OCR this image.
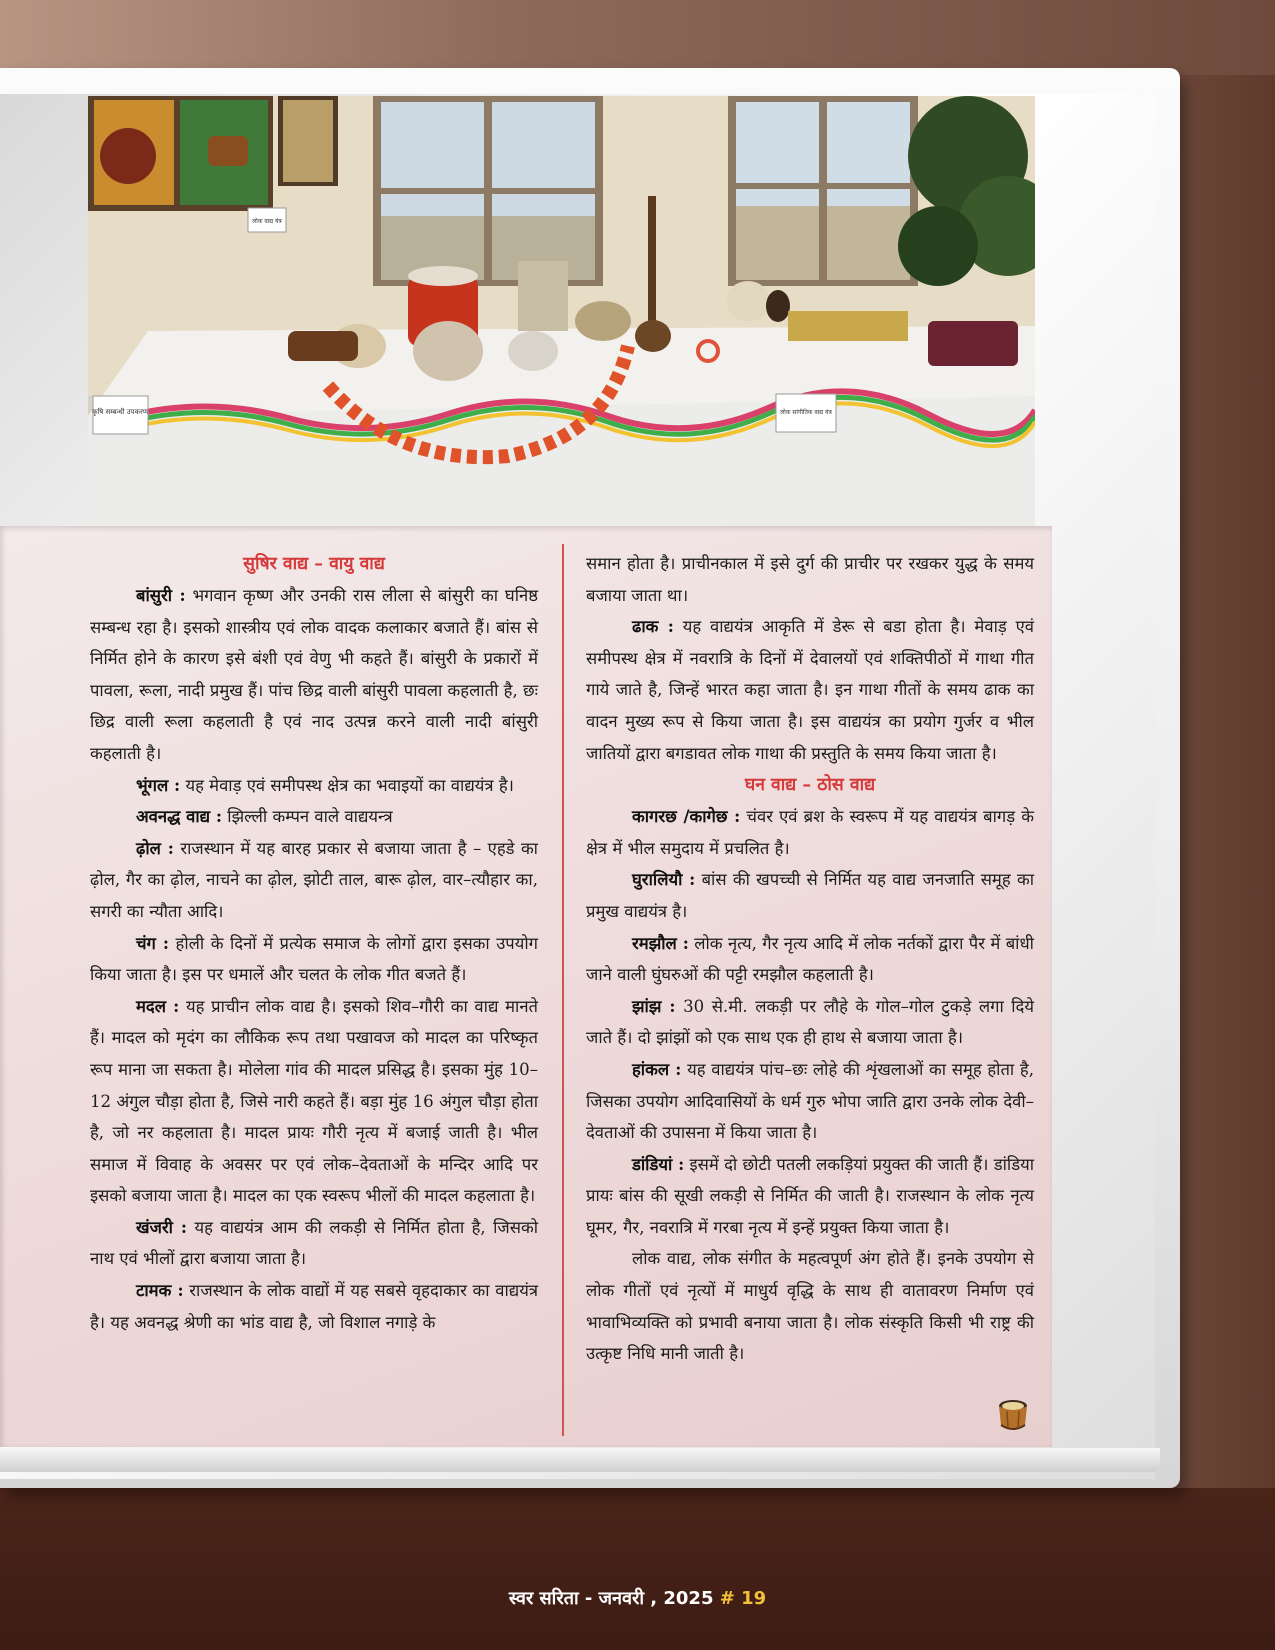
कृषि सम्बन्धी उपकरण
लोक वाद्य यंत्र
लोक सांगीतिक वाद्य यंत्र
सुषिर वाद्य – वायु वाद्य

बांसुरी : भगवान कृष्ण और उनकी रास लीला से बांसुरी का घनिष्ठ सम्बन्ध रहा है। इसको शास्त्रीय एवं लोक वादक कलाकार बजाते हैं। बांस से निर्मित होने के कारण इसे बंशी एवं वेणु भी कहते हैं। बांसुरी के प्रकारों में पावला, रूला, नादी प्रमुख हैं। पांच छिद्र वाली बांसुरी पावला कहलाती है, छः छिद्र वाली रूला कहलाती है एवं नाद उत्पन्न करने वाली नादी बांसुरी कहलाती है।

भूंगल : यह मेवाड़ एवं समीपस्थ क्षेत्र का भवाइयों का वाद्ययंत्र है।

अवनद्ध वाद्य : झिल्ली कम्पन वाले वाद्ययन्त्र

ढ़ोल : राजस्थान में यह बारह प्रकार से बजाया जाता है – एहडे का ढ़ोल, गैर का ढ़ोल, नाचने का ढ़ोल, झोटी ताल, बारू ढ़ोल, वार–त्यौहार का, सगरी का न्यौता आदि।

चंग : होली के दिनों में प्रत्येक समाज के लोगों द्वारा इसका उपयोग किया जाता है। इस पर धमालें और चलत के लोक गीत बजते हैं।

मदल : यह प्राचीन लोक वाद्य है। इसको शिव–गौरी का वाद्य मानते हैं। मादल को मृदंग का लौकिक रूप तथा पखावज को मादल का परिष्कृत रूप माना जा सकता है। मोलेला गांव की मादल प्रसिद्ध है। इसका मुंह 10–12 अंगुल चौड़ा होता है, जिसे नारी कहते हैं। बड़ा मुंह 16 अंगुल चौड़ा होता है, जो नर कहलाता है। मादल प्रायः गौरी नृत्य में बजाई जाती है। भील समाज में विवाह के अवसर पर एवं लोक–देवताओं के मन्दिर आदि पर इसको बजाया जाता है। मादल का एक स्वरूप भीलों की मादल कहलाता है।

खंजरी : यह वाद्ययंत्र आम की लकड़ी से निर्मित होता है, जिसको नाथ एवं भीलों द्वारा बजाया जाता है।

टामक : राजस्थान के लोक वाद्यों में यह सबसे वृहदाकार का वाद्ययंत्र है। यह अवनद्ध श्रेणी का भांड वाद्य है, जो विशाल नगाड़े के

समान होता है। प्राचीनकाल में इसे दुर्ग की प्राचीर पर रखकर युद्ध के समय बजाया जाता था।

ढाक : यह वाद्ययंत्र आकृति में डेरू से बडा होता है। मेवाड़ एवं समीपस्थ क्षेत्र में नवरात्रि के दिनों में देवालयों एवं शक्तिपीठों में गाथा गीत गाये जाते है, जिन्हें भारत कहा जाता है। इन गाथा गीतों के समय ढाक का वादन मुख्य रूप से किया जाता है। इस वाद्ययंत्र का प्रयोग गुर्जर व भील जातियों द्वारा बगडावत लोक गाथा की प्रस्तुति के समय किया जाता है।

घन वाद्य – ठोस वाद्य

कागरछ /कागेछ : चंवर एवं ब्रश के स्वरूप में यह वाद्ययंत्र बागड़ के क्षेत्र में भील समुदाय में प्रचलित है।

घुरालियौ : बांस की खपच्ची से निर्मित यह वाद्य जनजाति समूह का प्रमुख वाद्ययंत्र है।

रमझौल : लोक नृत्य, गैर नृत्य आदि में लोक नर्तकों द्वारा पैर में बांधी जाने वाली घुंघरुओं की पट्टी रमझौल कहलाती है।

झांझ : 30 से.मी. लकड़ी पर लौहे के गोल–गोल टुकड़े लगा दिये जाते हैं। दो झांझों को एक साथ एक ही हाथ से बजाया जाता है।

हांकल : यह वाद्ययंत्र पांच–छः लोहे की शृंखलाओं का समूह होता है, जिसका उपयोग आदिवासियों के धर्म गुरु भोपा जाति द्वारा उनके लोक देवी–देवताओं की उपासना में किया जाता है।

डांडियां : इसमें दो छोटी पतली लकड़ियां प्रयुक्त की जाती हैं। डांडिया प्रायः बांस की सूखी लकड़ी से निर्मित की जाती है। राजस्थान के लोक नृत्य घूमर, गैर, नवरात्रि में गरबा नृत्य में इन्हें प्रयुक्त किया जाता है।

लोक वाद्य, लोक संगीत के महत्वपूर्ण अंग होते हैं। इनके उपयोग से लोक गीतों एवं नृत्यों में माधुर्य वृद्धि के साथ ही वातावरण निर्माण एवं भावाभिव्यक्ति को प्रभावी बनाया जाता है। लोक संस्कृति किसी भी राष्ट्र की उत्कृष्ट निधि मानी जाती है।

स्वर सरिता - जनवरी , 2025 # 19
